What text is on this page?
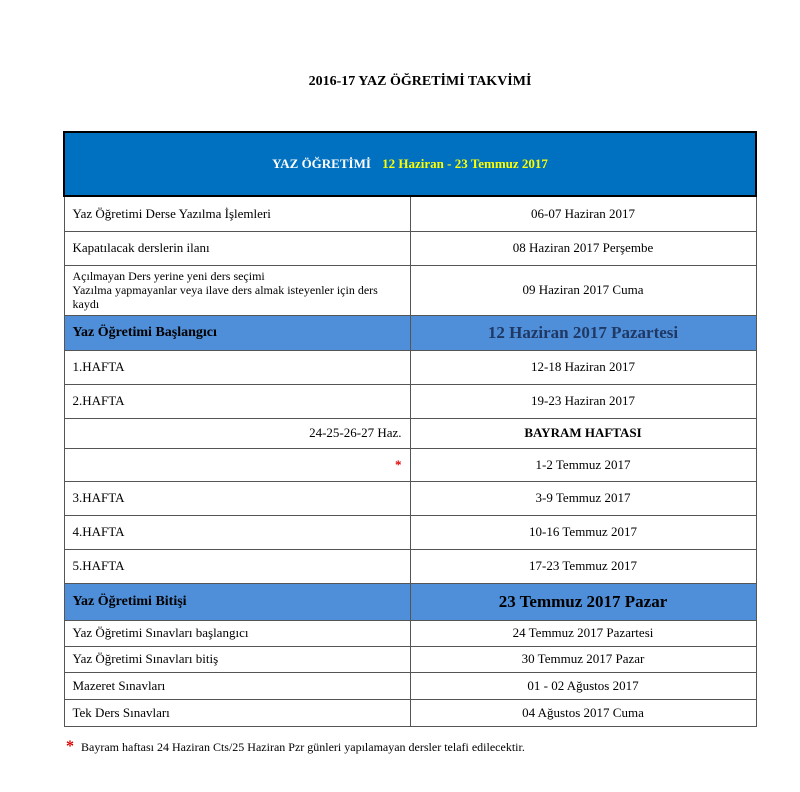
2016-17 YAZ ÖĞRETİMİ TAKVİMİ
YAZ ÖĞRETİMİ 12 Haziran - 23 Temmuz 2017	
Yaz Öğretimi Derse Yazılma İşlemleri	06-07 Haziran 2017
Kapatılacak derslerin ilanı	08 Haziran 2017 Perşembe

Açılmayan Ders yerine yeni ders seçimi
Yazılma yapmayanlar veya ilave ders almak isteyenler için ders kaydı	09 Haziran 2017 Cuma
Yaz Öğretimi Başlangıcı	12 Haziran 2017 Pazartesi
1.HAFTA	12-18 Haziran 2017
2.HAFTA	19-23 Haziran 2017
24-25-26-27 Haz.	BAYRAM HAFTASI
*	1-2 Temmuz 2017
3.HAFTA	3-9 Temmuz 2017
4.HAFTA	10-16 Temmuz 2017
5.HAFTA	17-23 Temmuz 2017
Yaz Öğretimi Bitişi	23 Temmuz 2017 Pazar
Yaz Öğretimi Sınavları başlangıcı	24 Temmuz 2017 Pazartesi
Yaz Öğretimi Sınavları bitiş	30 Temmuz 2017 Pazar
Mazeret Sınavları	01 - 02 Ağustos 2017
Tek Ders Sınavları	04 Ağustos 2017 Cuma
* Bayram haftası 24 Haziran Cts/25 Haziran Pzr günleri yapılamayan dersler telafi edilecektir.
